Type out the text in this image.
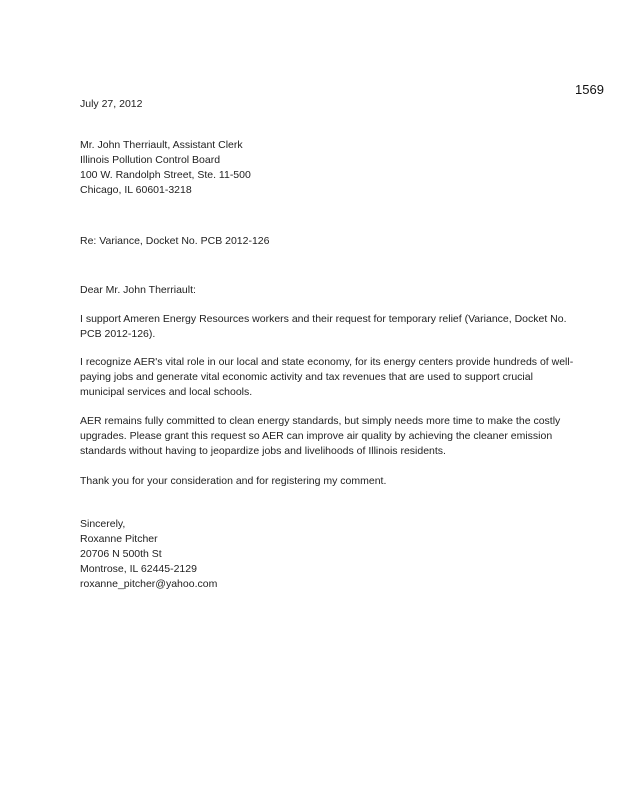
1569
July 27, 2012
Mr. John Therriault, Assistant Clerk
Illinois Pollution Control Board
100 W. Randolph Street, Ste. 11-500
Chicago, IL 60601-3218
Re: Variance, Docket No. PCB 2012-126
Dear Mr. John Therriault:

I support Ameren Energy Resources workers and their request for temporary relief (Variance, Docket No. PCB 2012-126).

I recognize AER's vital role in our local and state economy, for its energy centers provide hundreds of well-paying jobs and generate vital economic activity and tax revenues that are used to support crucial municipal services and local schools.

AER remains fully committed to clean energy standards, but simply needs more time to make the costly upgrades. Please grant this request so AER can improve air quality by achieving the cleaner emission standards without having to jeopardize jobs and livelihoods of Illinois residents.

Thank you for your consideration and for registering my comment.

Sincerely,
Roxanne Pitcher
20706 N 500th St
Montrose, IL 62445-2129
roxanne_pitcher@yahoo.com
